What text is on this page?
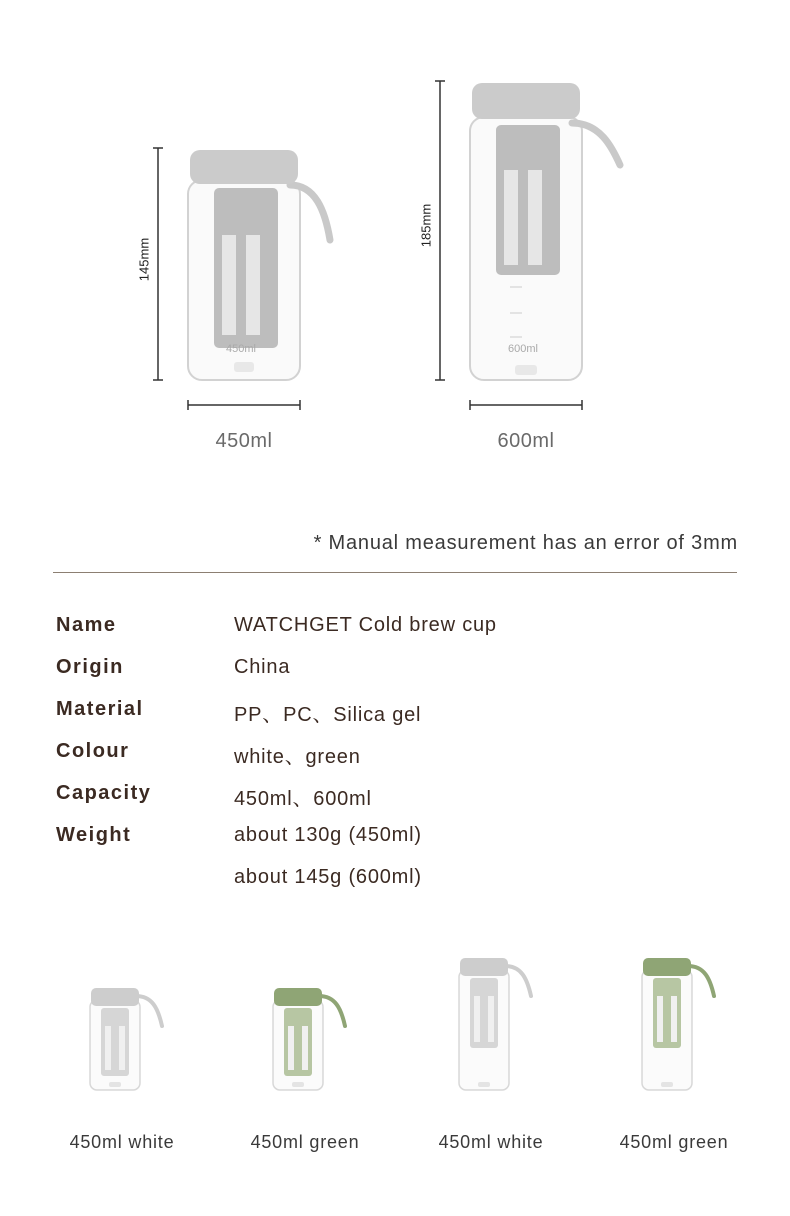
450ml
145mm
450ml
600ml
185mm
600ml
* Manual measurement has an error of 3mm
Name	WATCHGET Cold brew cup
Origin	China
Material	PP、PC、Silica gel
Colour	white、green
Capacity	450ml、600ml
Weight	about 130g (450ml)
about 145g (600ml)
450ml white	450ml green	450ml white	450ml green
